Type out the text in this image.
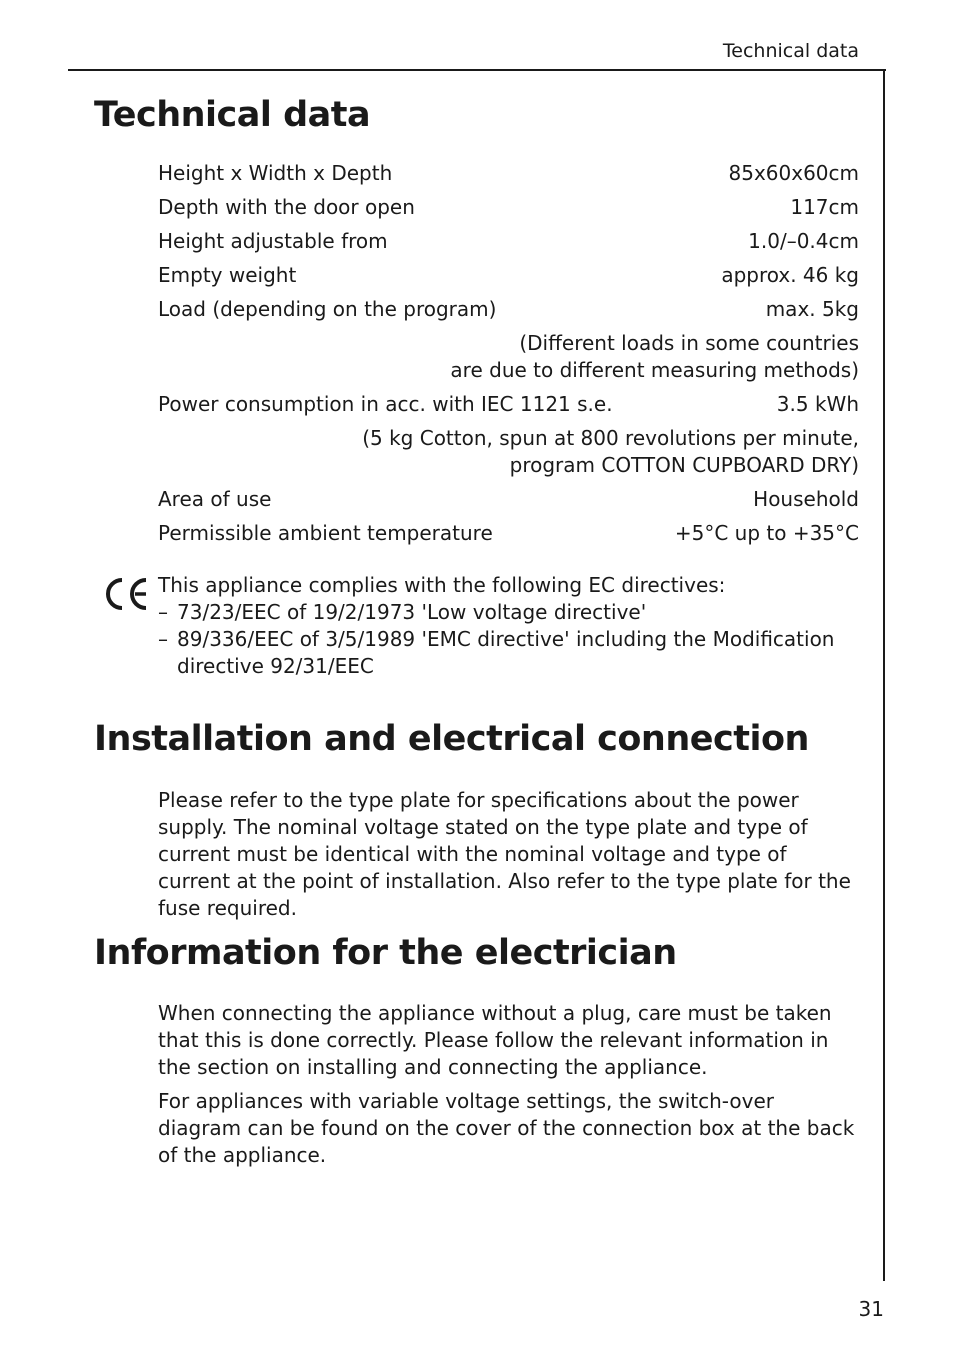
Technical data
Technical data
Height x Width x Depth	85x60x60cm
Depth with the door open	117cm
Height adjustable from	1.0/–0.4cm
Empty weight	approx. 46 kg
Load (depending on the program)	max. 5kg
(Different loads in some countries
are due to different measuring methods)
Power consumption in acc. with IEC 1121 s.e.	3.5 kWh
(5 kg Cotton, spun at 800 revolutions per minute,
program COTTON CUPBOARD DRY)
Area of use	Household
Permissible ambient temperature	+5°C up to +35°C
This appliance complies with the following EC directives:
– 73/23/EEC of 19/2/1973 'Low voltage directive'
– 89/336/EEC of 3/5/1989 'EMC directive' including the Modification directive 92/31/EEC
Installation and electrical connection

Please refer to the type plate for specifications about the power supply. The nominal voltage stated on the type plate and type of current must be identical with the nominal voltage and type of current at the point of installation. Also refer to the type plate for the fuse required.

Information for the electrician

When connecting the appliance without a plug, care must be taken that this is done correctly. Please follow the relevant information in the section on installing and connecting the appliance.

For appliances with variable voltage settings, the switch-over diagram can be found on the cover of the connection box at the back of the appliance.

31
